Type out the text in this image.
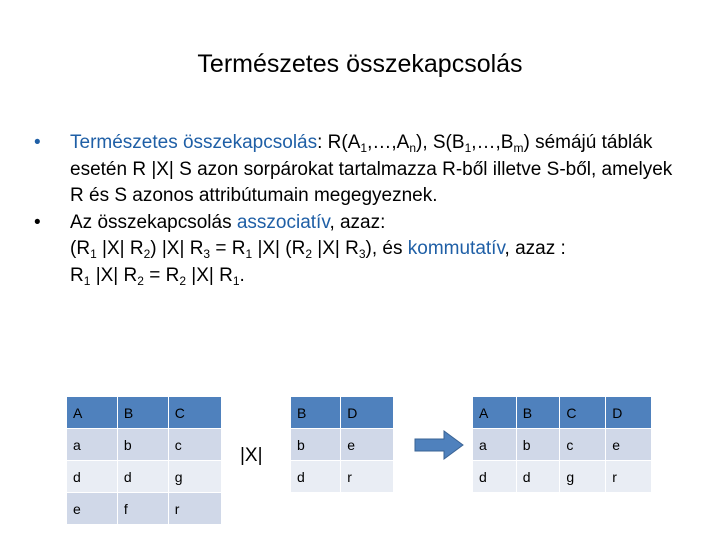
Természetes összekapcsolás
•	Természetes összekapcsolás: $R(A_1,\dots,A_n)$, $S(B_1,\dots,B_m)$ sémájú táblák esetén R |X| S azon sorpárokat tartalmazza R-ből illetve S-ből, amelyek R és S azonos attribútumain megegyeznek.
•	Az összekapcsolás asszociatív, azaz:
($R_1$ |X| $R_2$) |X| $R_3 = R_1$ |X| ($R_2$ |X| $R_3$), és kommutatív, azaz :
$R_1$ |X| $R_2 = R_2$ |X| $R_1$.
A	B	C
a	b	c
d	d	g
e	f	r
|X|
B	D
b	e
d	r
A	B	C	D
a	b	c	e
d	d	g	r
